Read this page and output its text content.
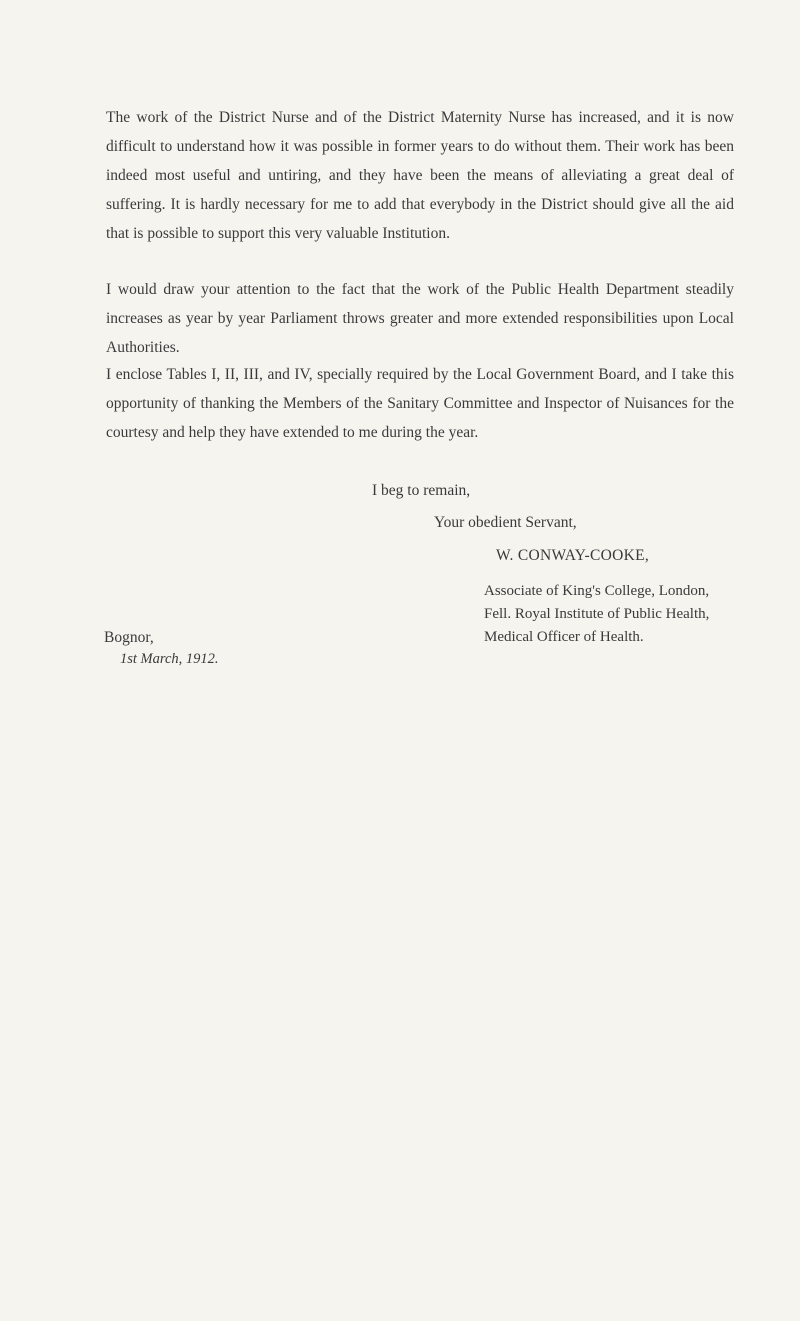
The work of the District Nurse and of the District Maternity Nurse has increased, and it is now difficult to understand how it was possible in former years to do without them. Their work has been indeed most useful and untiring, and they have been the means of alleviating a great deal of suffering. It is hardly necessary for me to add that everybody in the District should give all the aid that is possible to support this very valuable Institution.

I would draw your attention to the fact that the work of the Public Health Department steadily increases as year by year Parliament throws greater and more extended responsibilities upon Local Authorities.

I enclose Tables I, II, III, and IV, specially required by the Local Government Board, and I take this opportunity of thanking the Members of the Sanitary Committee and Inspector of Nuisances for the courtesy and help they have extended to me during the year.

I beg to remain,
Your obedient Servant,
W. CONWAY-COOKE,
Associate of King's College, London,
Fell. Royal Institute of Public Health,
Medical Officer of Health.
Bognor,
1st March, 1912.
